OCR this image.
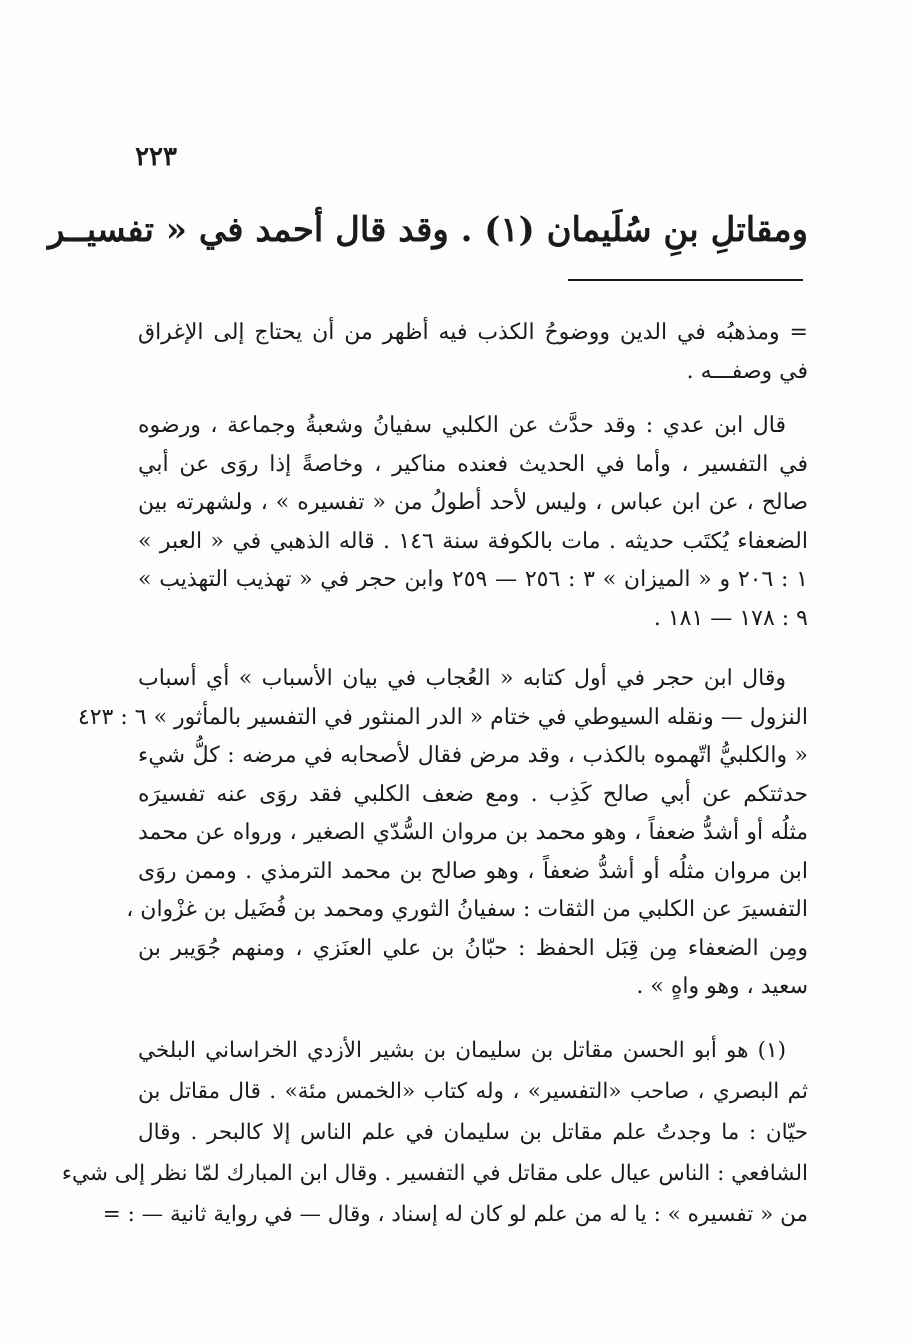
٢٢٣
ومقاتلِ بنِ سُلَيمان (١) . وقد قال أحمد في « تفسيــر

= ومذهبُه في الدين ووضوحُ الكذب فيه أظهر من أن يحتاج إلى الإغراق
في وصفـــه .

قال ابن عدي : وقد حدَّث عن الكلبي سفيانُ وشعبةُ وجماعة ، ورضوه
في التفسير ، وأما في الحديث فعنده مناكير ، وخاصةً إذا روَى عن أبي
صالح ، عن ابن عباس ، وليس لأحد أطولُ من « تفسيره » ، ولشهرته بين
الضعفاء يُكتَب حديثه . مات بالكوفة سنة ١٤٦ . قاله الذهبي في « العبر »
١ : ٢٠٦ و « الميزان » ٣ : ٢٥٦ — ٢٥٩ وابن حجر في « تهذيب التهذيب »
٩ : ١٧٨ — ١٨١ .

وقال ابن حجر في أول كتابه « العُجاب في بيان الأسباب » أي أسباب
النزول — ونقله السيوطي في ختام « الدر المنثور في التفسير بالمأثور » ٦ : ٤٢٣
« والكلبيُّ اتّهموه بالكذب ، وقد مرض فقال لأصحابه في مرضه : كلُّ شيء
حدثتكم عن أبي صالح كَذِب . ومع ضعف الكلبي فقد روَى عنه تفسيرَه
مثلُه أو أشدُّ ضعفاً ، وهو محمد بن مروان السُّدّي الصغير ، ورواه عن محمد
ابن مروان مثلُه أو أشدُّ ضعفاً ، وهو صالح بن محمد الترمذي . وممن روَى
التفسيرَ عن الكلبي من الثقات : سفيانُ الثوري ومحمد بن فُضَيل بن غزْوان ،
ومِن الضعفاء مِن قِبَل الحفظ : حبّانُ بن علي العنَزي ، ومنهم جُوَيبر بن
سعيد ، وهو واهٍ » .

(١) هو أبو الحسن مقاتل بن سليمان بن بشير الأزدي الخراساني البلخي
ثم البصري ، صاحب «التفسير» ، وله كتاب «الخمس مئة» . قال مقاتل بن
حيّان : ما وجدتُ علم مقاتل بن سليمان في علم الناس إلا كالبحر . وقال
الشافعي : الناس عيال على مقاتل في التفسير . وقال ابن المبارك لمّا نظر إلى شيء
من « تفسيره » : يا له من علم لو كان له إسناد ، وقال — في رواية ثانية — : =
